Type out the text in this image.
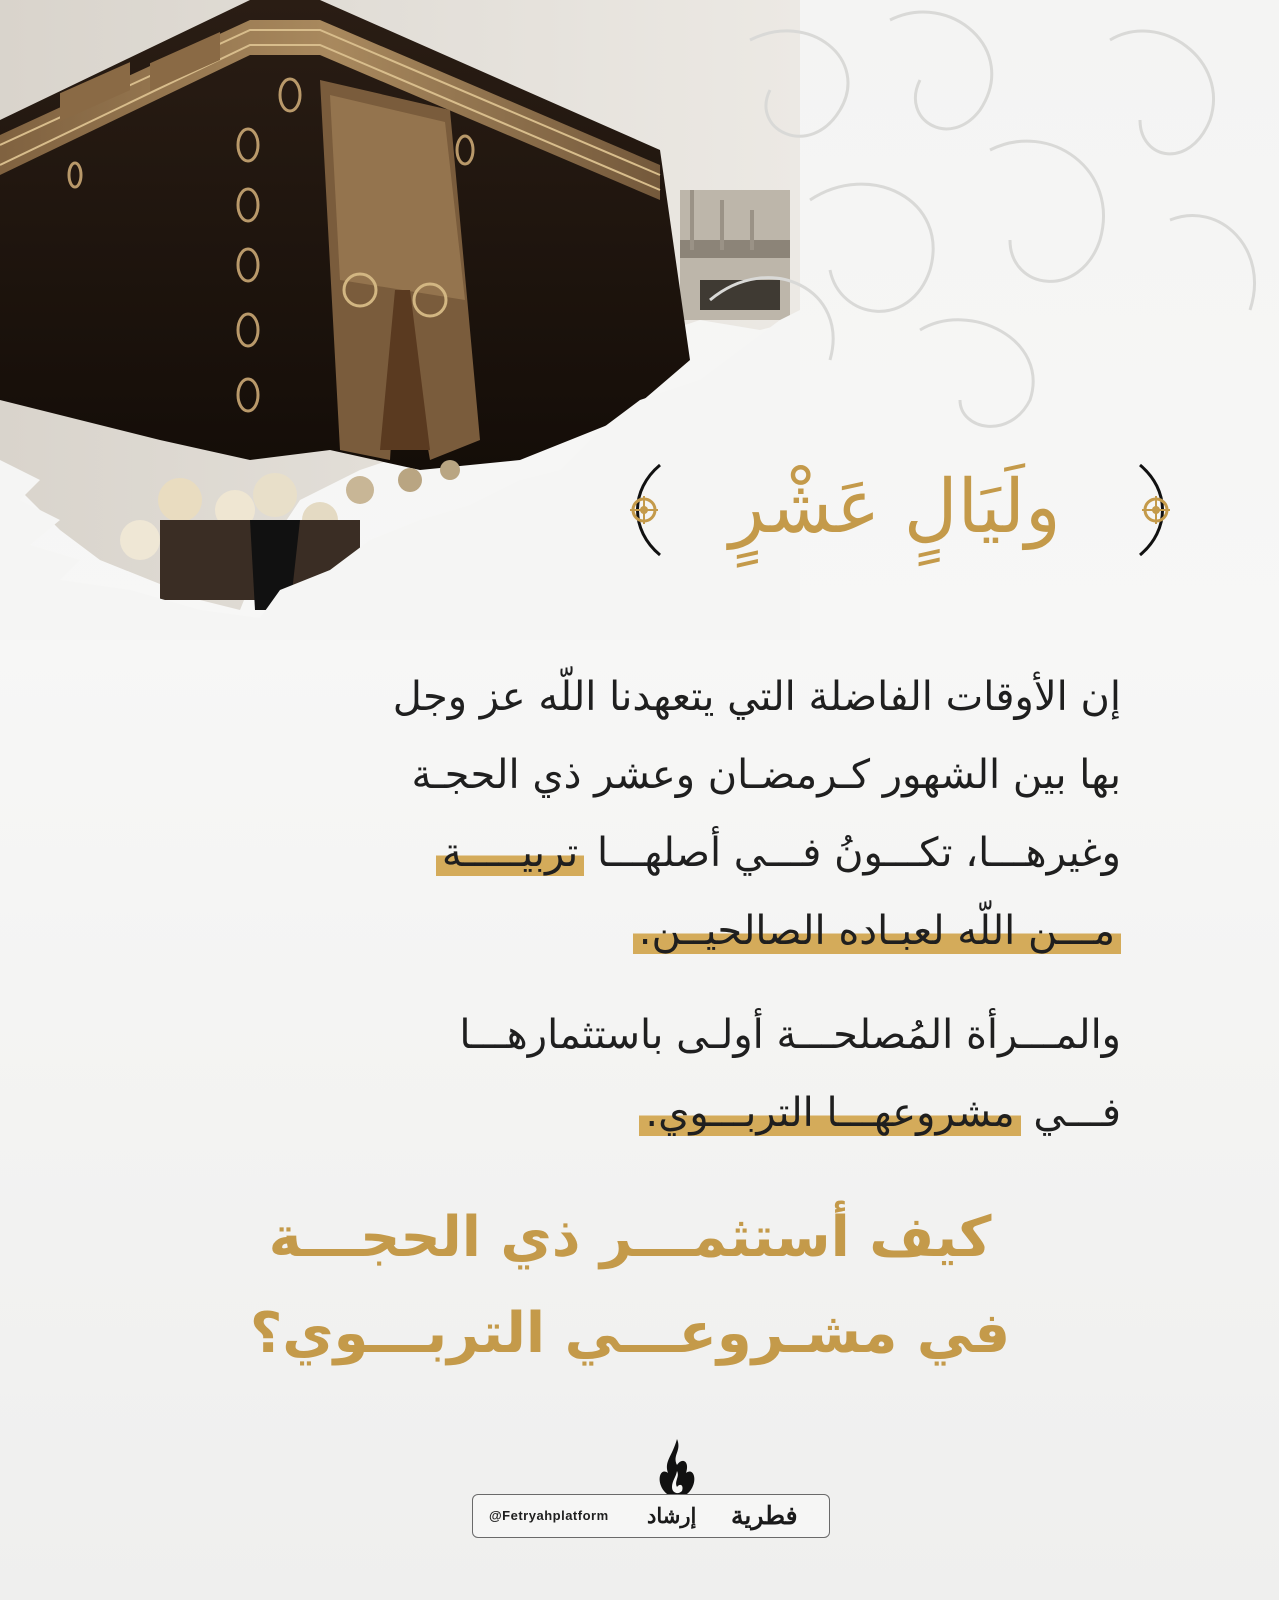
ولَيَالٍ عَشْرٍ
إن الأوقات الفاضلة التي يتعهدنا اللّه عز وجل
بها بين الشهور كـرمضـان وعشر ذي الحجـة
وغيرهـــا، تكـــونُ فـــي أصلهـــا تربيـــــة
مـــن اللّه لعبـاده الصالحيــن.
والمـــرأة المُصلحـــة أولـى باستثمارهـــا
فـــي مشروعهـــا التربـــوي.
كيف أستثمـــر ذي الحجـــة
في مشـروعـــي التربـــوي؟
@Fetryahplatform إرشاد فطرية
